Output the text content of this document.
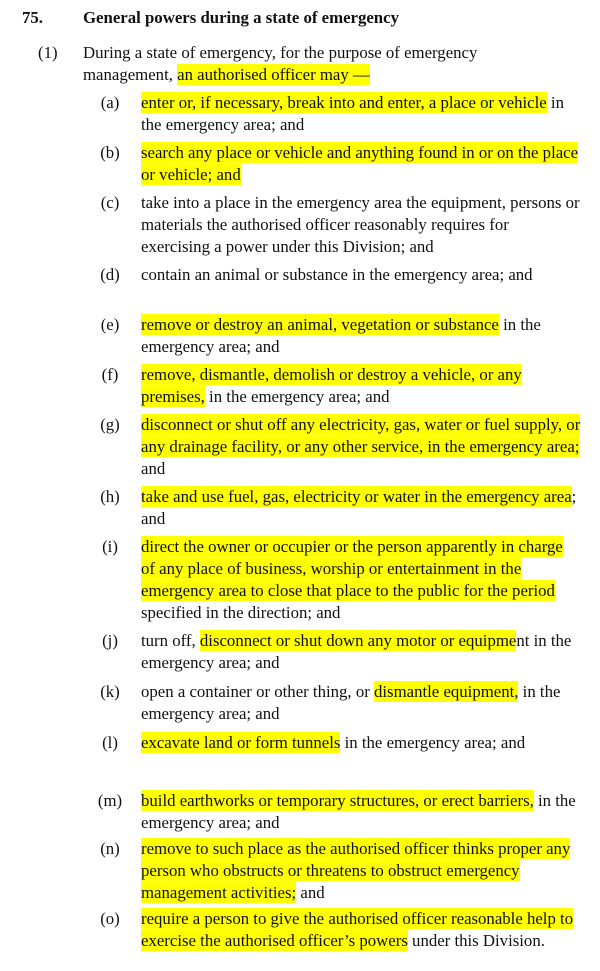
75. General powers during a state of emergency
(1) During a state of emergency, for the purpose of emergency management, an authorised officer may —
(a)	enter or, if necessary, break into and enter, a place or vehicle in the emergency area; and
(b)	search any place or vehicle and anything found in or on the place or vehicle; and
(c)	take into a place in the emergency area the equipment, persons or materials the authorised officer reasonably requires for exercising a power under this Division; and
(d)	contain an animal or substance in the emergency area; and
(e)	remove or destroy an animal, vegetation or substance in the emergency area; and
(f)	remove, dismantle, demolish or destroy a vehicle, or any premises, in the emergency area; and
(g)	disconnect or shut off any electricity, gas, water or fuel supply, or any drainage facility, or any other service, in the emergency area; and
(h)	take and use fuel, gas, electricity or water in the emergency area; and
(i)	direct the owner or occupier or the person apparently in charge of any place of business, worship or entertainment in the emergency area to close that place to the public for the period specified in the direction; and
(j)	turn off, disconnect or shut down any motor or equipment in the emergency area; and
(k)	open a container or other thing, or dismantle equipment, in the emergency area; and
(l)	excavate land or form tunnels in the emergency area; and
(m)	build earthworks or temporary structures, or erect barriers, in the emergency area; and
(n)	remove to such place as the authorised officer thinks proper any person who obstructs or threatens to obstruct emergency management activities; and
(o)	require a person to give the authorised officer reasonable help to exercise the authorised officer’s powers under this Division.
